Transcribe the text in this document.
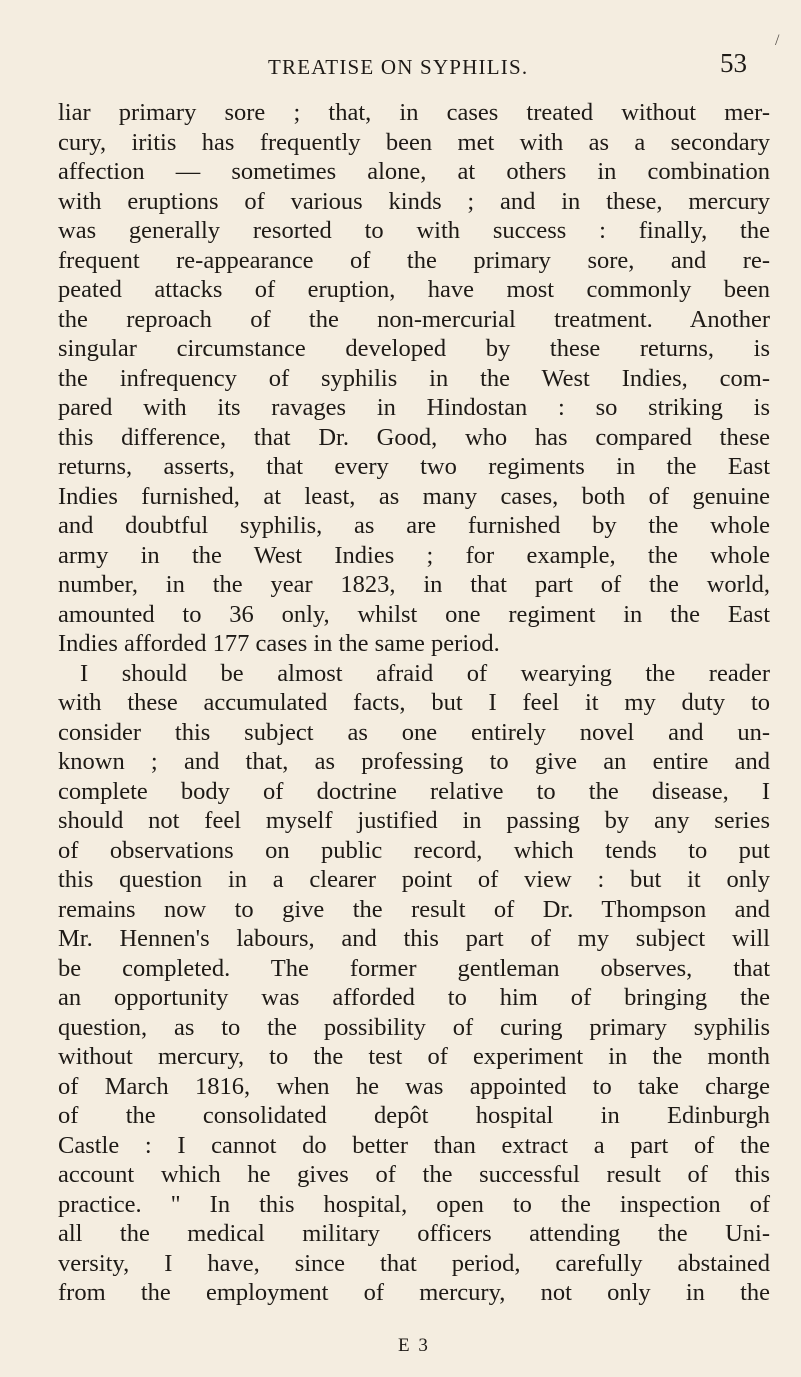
TREATISE ON SYPHILIS.	53
/
liar primary sore ; that, in cases treated without mer-
cury, iritis has frequently been met with as a secondary
affection — sometimes alone, at others in combination
with eruptions of various kinds ; and in these, mercury
was generally resorted to with success : finally, the
frequent re-appearance of the primary sore, and re-
peated attacks of eruption, have most commonly been
the reproach of the non-mercurial treatment. Another
singular circumstance developed by these returns, is
the infrequency of syphilis in the West Indies, com-
pared with its ravages in Hindostan : so striking is
this difference, that Dr. Good, who has compared these
returns, asserts, that every two regiments in the East
Indies furnished, at least, as many cases, both of genuine
and doubtful syphilis, as are furnished by the whole
army in the West Indies ; for example, the whole
number, in the year 1823, in that part of the world,
amounted to 36 only, whilst one regiment in the East
Indies afforded 177 cases in the same period.
I should be almost afraid of wearying the reader
with these accumulated facts, but I feel it my duty to
consider this subject as one entirely novel and un-
known ; and that, as professing to give an entire and
complete body of doctrine relative to the disease, I
should not feel myself justified in passing by any series
of observations on public record, which tends to put
this question in a clearer point of view : but it only
remains now to give the result of Dr. Thompson and
Mr. Hennen's labours, and this part of my subject will
be completed. The former gentleman observes, that
an opportunity was afforded to him of bringing the
question, as to the possibility of curing primary syphilis
without mercury, to the test of experiment in the month
of March 1816, when he was appointed to take charge
of the consolidated depôt hospital in Edinburgh
Castle : I cannot do better than extract a part of the
account which he gives of the successful result of this
practice. " In this hospital, open to the inspection of
all the medical military officers attending the Uni-
versity, I have, since that period, carefully abstained
from the employment of mercury, not only in the
E 3
